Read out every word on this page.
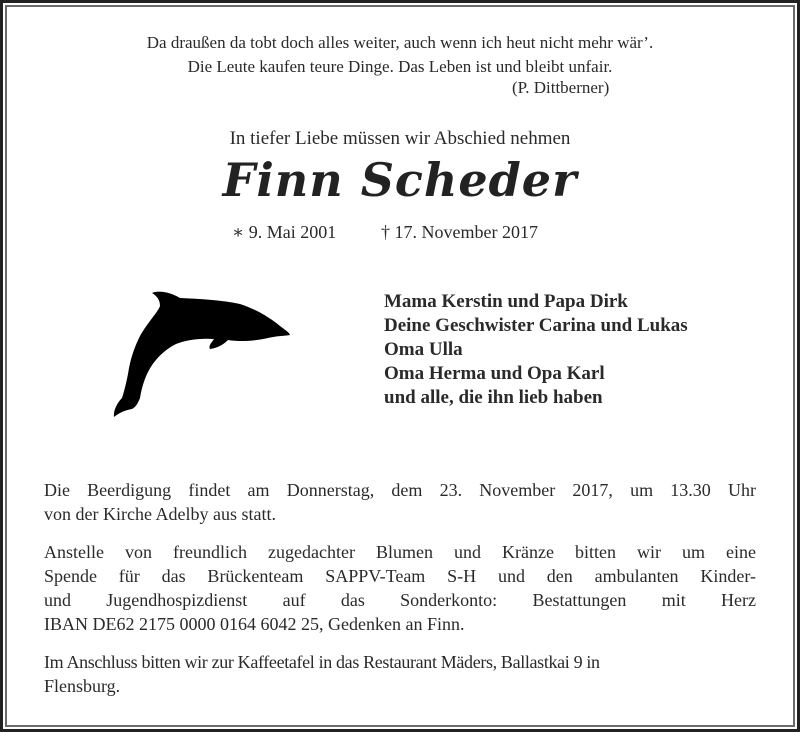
Da draußen da tobt doch alles weiter, auch wenn ich heut nicht mehr wär’.
Die Leute kaufen teure Dinge. Das Leben ist und bleibt unfair.
(P. Dittberner)
In tiefer Liebe müssen wir Abschied nehmen
Finn Scheder
∗ 9. Mai 2001 † 17. November 2017
Mama Kerstin und Papa Dirk
Deine Geschwister Carina und Lukas
Oma Ulla
Oma Herma und Opa Karl
und alle, die ihn lieb haben
Die Beerdigung findet am Donnerstag, dem 23. November 2017, um 13.30 Uhr
von der Kirche Adelby aus statt.
Anstelle von freundlich zugedachter Blumen und Kränze bitten wir um eine
Spende für das Brückenteam SAPPV-Team S-H und den ambulanten Kinder-
und Jugendhospizdienst auf das Sonderkonto: Bestattungen mit Herz
IBAN DE62 2175 0000 0164 6042 25, Gedenken an Finn.
Im Anschluss bitten wir zur Kaffeetafel in das Restaurant Mäders, Ballastkai 9 in
Flensburg.
